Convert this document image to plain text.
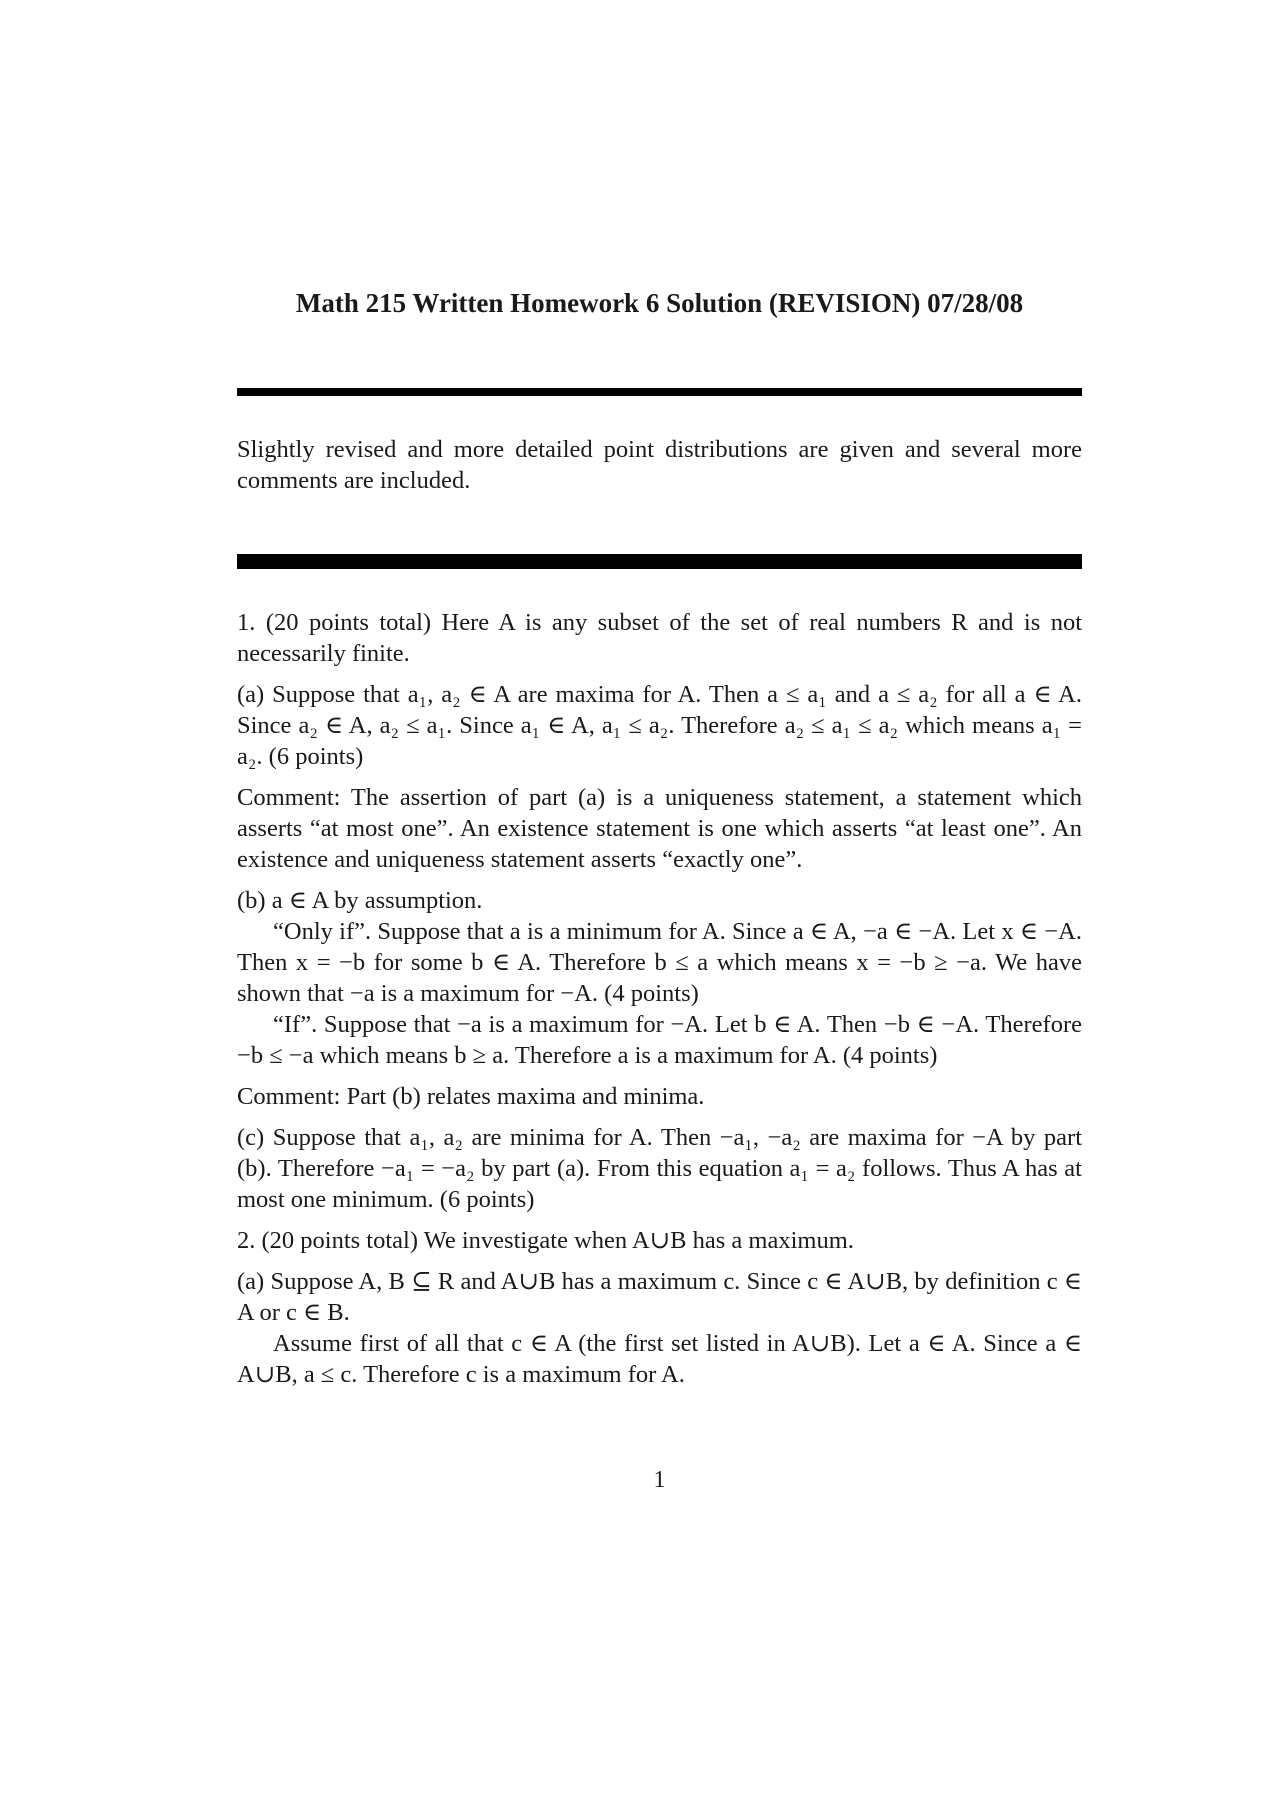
Math 215 Written Homework 6 Solution (REVISION) 07/28/08

Slightly revised and more detailed point distributions are given and several more comments are included.

1. (20 points total) Here A is any subset of the set of real numbers R and is not necessarily finite.

(a) Suppose that a₁, a₂ ∈ A are maxima for A. Then a ≤ a₁ and a ≤ a₂ for all a ∈ A. Since a₂ ∈ A, a₂ ≤ a₁. Since a₁ ∈ A, a₁ ≤ a₂. Therefore a₂ ≤ a₁ ≤ a₂ which means a₁ = a₂. (6 points)

Comment: The assertion of part (a) is a uniqueness statement, a statement which asserts “at most one”. An existence statement is one which asserts “at least one”. An existence and uniqueness statement asserts “exactly one”.

(b) a ∈ A by assumption.

“Only if”. Suppose that a is a minimum for A. Since a ∈ A, −a ∈ −A. Let x ∈ −A. Then x = −b for some b ∈ A. Therefore b ≤ a which means x = −b ≥ −a. We have shown that −a is a maximum for −A. (4 points)

“If”. Suppose that −a is a maximum for −A. Let b ∈ A. Then −b ∈ −A. Therefore −b ≤ −a which means b ≥ a. Therefore a is a maximum for A. (4 points)

Comment: Part (b) relates maxima and minima.

(c) Suppose that a₁, a₂ are minima for A. Then −a₁, −a₂ are maxima for −A by part (b). Therefore −a₁ = −a₂ by part (a). From this equation a₁ = a₂ follows. Thus A has at most one minimum. (6 points)

2. (20 points total) We investigate when A∪B has a maximum.

(a) Suppose A, B ⊆ R and A∪B has a maximum c. Since c ∈ A∪B, by definition c ∈ A or c ∈ B.

Assume first of all that c ∈ A (the first set listed in A∪B). Let a ∈ A. Since a ∈ A∪B, a ≤ c. Therefore c is a maximum for A.

1
